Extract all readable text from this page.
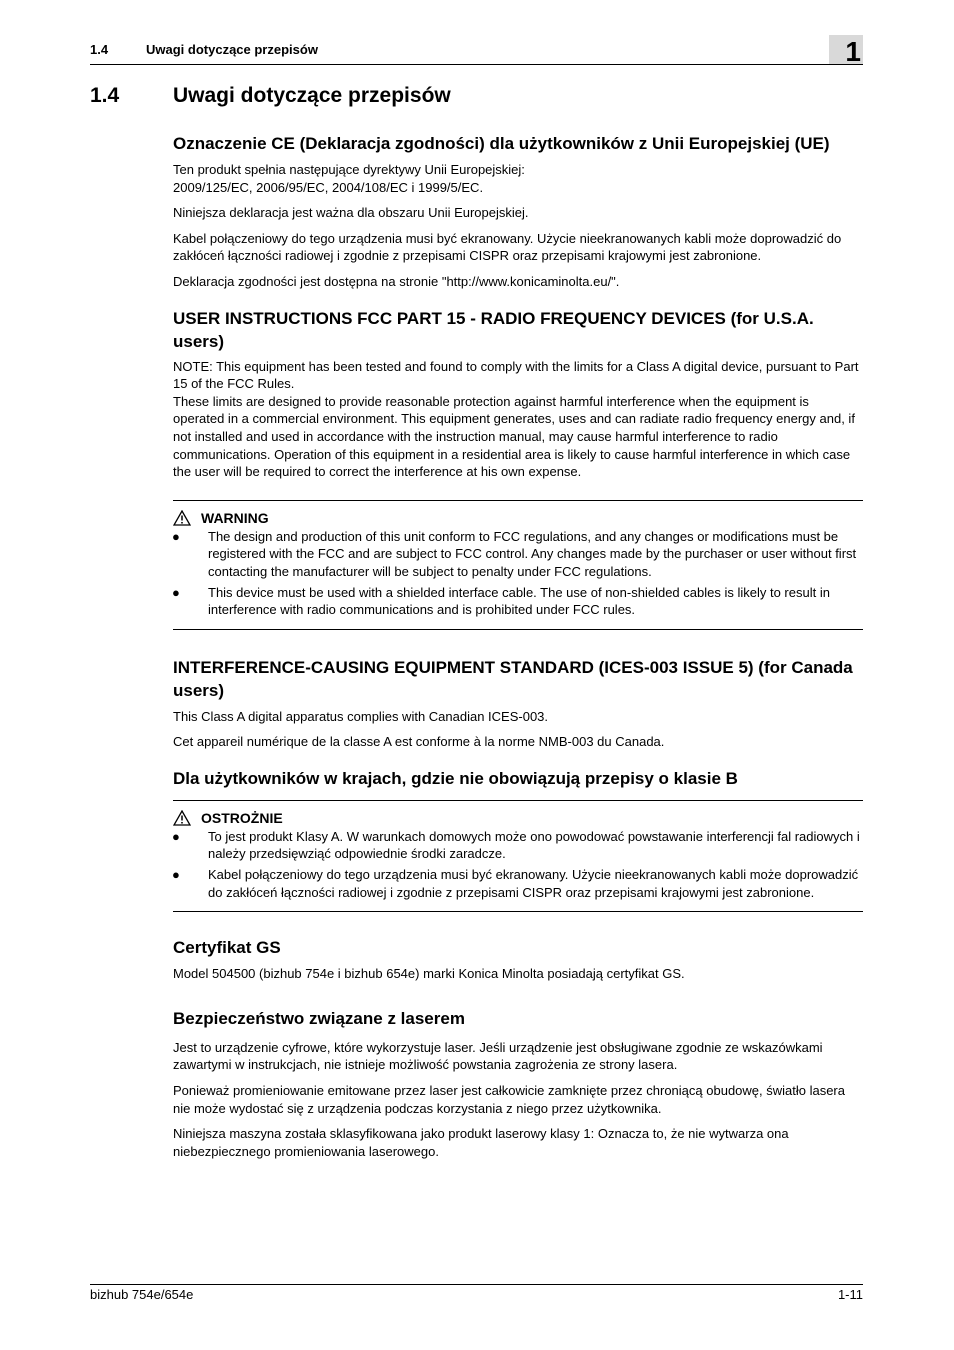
1.4	Uwagi dotyczące przepisów	1
1.4	Uwagi dotyczące przepisów
Oznaczenie CE (Deklaracja zgodności) dla użytkowników z Unii Europejskiej (UE)

Ten produkt spełnia następujące dyrektywy Unii Europejskiej:
2009/125/EC, 2006/95/EC, 2004/108/EC i 1999/5/EC.

Niniejsza deklaracja jest ważna dla obszaru Unii Europejskiej.

Kabel połączeniowy do tego urządzenia musi być ekranowany. Użycie nieekranowanych kabli może doprowadzić do zakłóceń łączności radiowej i zgodnie z przepisami CISPR oraz przepisami krajowymi jest zabronione.

Deklaracja zgodności jest dostępna na stronie "http://www.konicaminolta.eu/".

USER INSTRUCTIONS FCC PART 15 - RADIO FREQUENCY DEVICES (for U.S.A. users)

NOTE: This equipment has been tested and found to comply with the limits for a Class A digital device, pursuant to Part 15 of the FCC Rules.
These limits are designed to provide reasonable protection against harmful interference when the equipment is operated in a commercial environment. This equipment generates, uses and can radiate radio frequency energy and, if not installed and used in accordance with the instruction manual, may cause harmful interference to radio communications. Operation of this equipment in a residential area is likely to cause harmful interference in which case the user will be required to correct the interference at his own expense.

WARNING
●	The design and production of this unit conform to FCC regulations, and any changes or modifications must be registered with the FCC and are subject to FCC control. Any changes made by the purchaser or user without first contacting the manufacturer will be subject to penalty under FCC regulations.
●	This device must be used with a shielded interface cable. The use of non-shielded cables is likely to result in interference with radio communications and is prohibited under FCC rules.
INTERFERENCE-CAUSING EQUIPMENT STANDARD (ICES-003 ISSUE 5) (for Canada users)

This Class A digital apparatus complies with Canadian ICES-003.

Cet appareil numérique de la classe A est conforme à la norme NMB-003 du Canada.

Dla użytkowników w krajach, gdzie nie obowiązują przepisy o klasie B
OSTROŻNIE
●	To jest produkt Klasy A. W warunkach domowych może ono powodować powstawanie interferencji fal radiowych i należy przedsięwziąć odpowiednie środki zaradcze.
●	Kabel połączeniowy do tego urządzenia musi być ekranowany. Użycie nieekranowanych kabli może doprowadzić do zakłóceń łączności radiowej i zgodnie z przepisami CISPR oraz przepisami krajowymi jest zabronione.
Certyfikat GS

Model 504500 (bizhub 754e i bizhub 654e) marki Konica Minolta posiadają certyfikat GS.

Bezpieczeństwo związane z laserem

Jest to urządzenie cyfrowe, które wykorzystuje laser. Jeśli urządzenie jest obsługiwane zgodnie ze wskazówkami zawartymi w instrukcjach, nie istnieje możliwość powstania zagrożenia ze strony lasera.

Ponieważ promieniowanie emitowane przez laser jest całkowicie zamknięte przez chroniącą obudowę, światło lasera nie może wydostać się z urządzenia podczas korzystania z niego przez użytkownika.

Niniejsza maszyna została sklasyfikowana jako produkt laserowy klasy 1: Oznacza to, że nie wytwarza ona niebezpiecznego promieniowania laserowego.

bizhub 754e/654e	1-11
